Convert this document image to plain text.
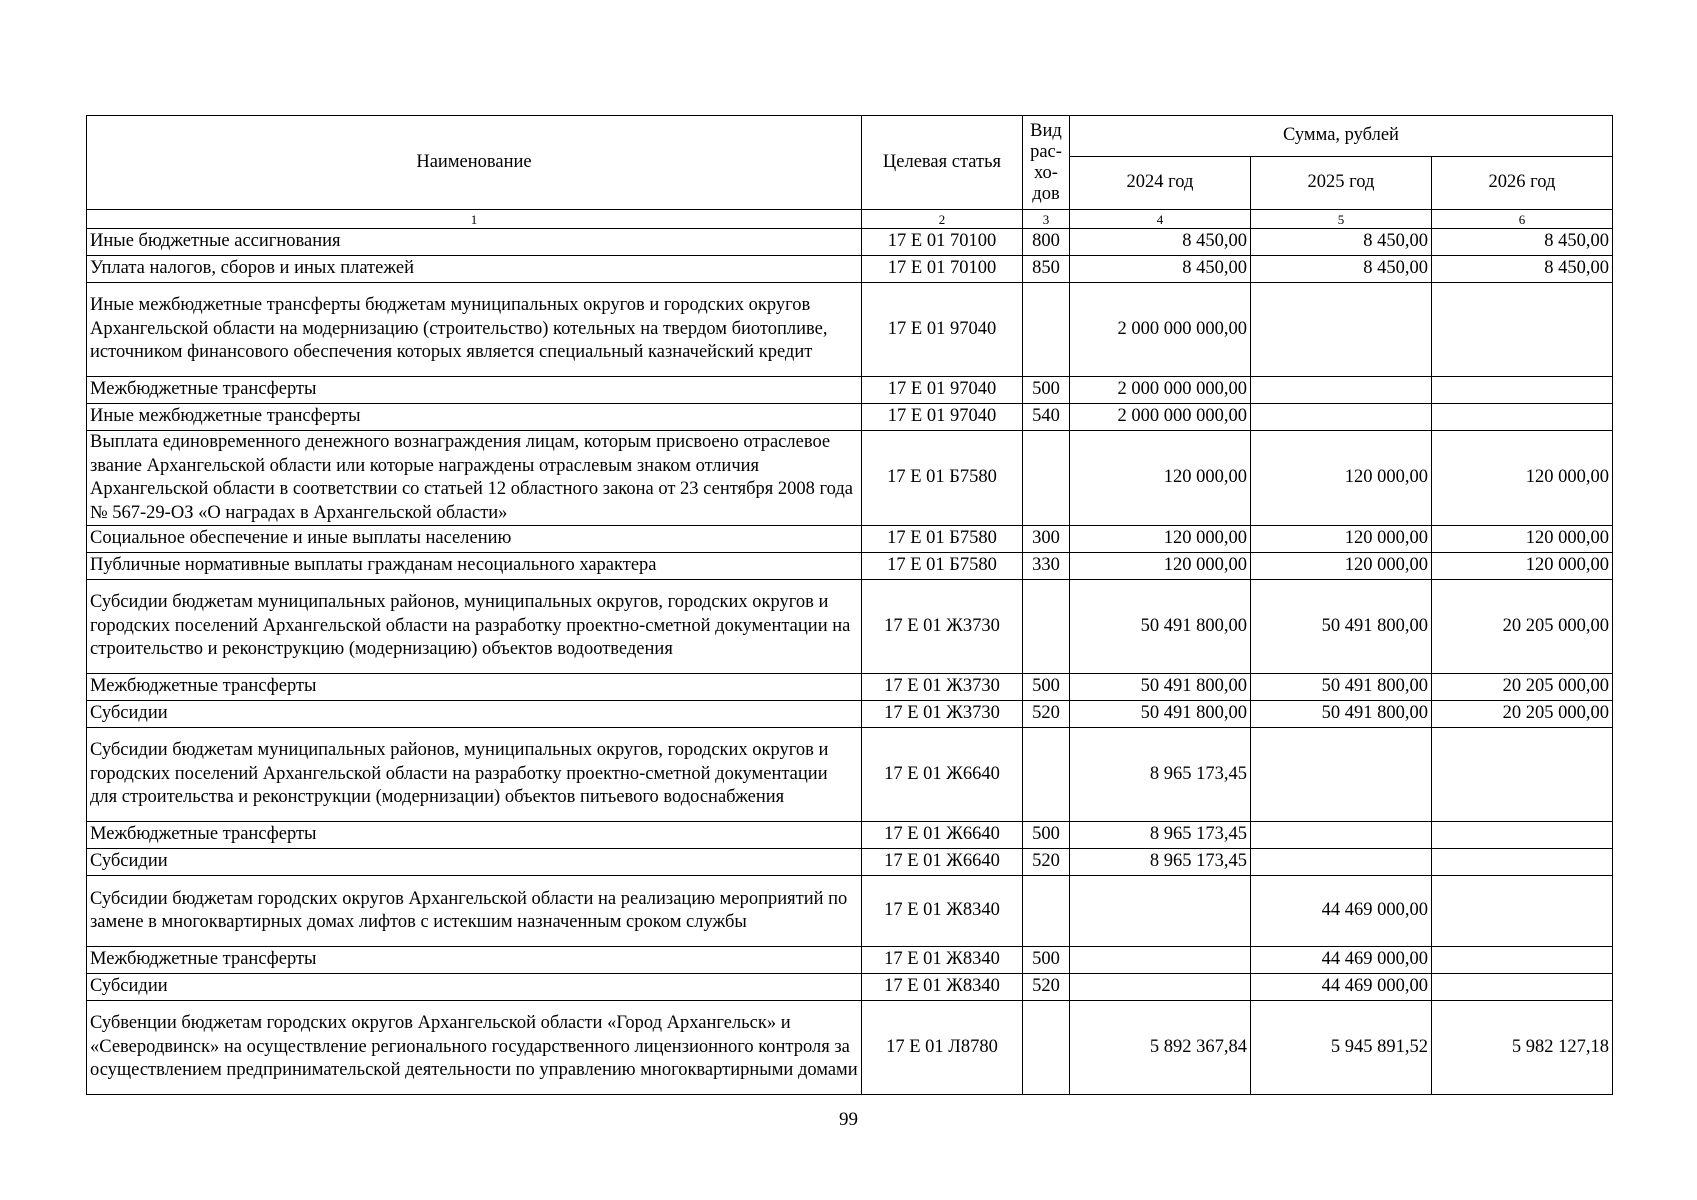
Наименование	Целевая статья	Вид рас- хо- дов	Сумма, рублей		
			2024 год	2025 год	2026 год
1	2	3	4	5	6
Иные бюджетные ассигнования	17 Е 01 70100	800	8 450,00	8 450,00	8 450,00
Уплата налогов, сборов и иных платежей	17 Е 01 70100	850	8 450,00	8 450,00	8 450,00
Иные межбюджетные трансферты бюджетам муниципальных округов и городских округов Архангельской области на модернизацию (строительство) котельных на твердом биотопливе, источником финансового обеспечения которых является специальный казначейский кредит	17 Е 01 97040		2 000 000 000,00		
Межбюджетные трансферты	17 Е 01 97040	500	2 000 000 000,00		
Иные межбюджетные трансферты	17 Е 01 97040	540	2 000 000 000,00		
Выплата единовременного денежного вознаграждения лицам, которым присвоено отраслевое звание Архангельской области или которые награждены отраслевым знаком отличия Архангельской области в соответствии со статьей 12 областного закона от 23 сентября 2008 года № 567-29-ОЗ «О наградах в Архангельской области»	17 Е 01 Б7580		120 000,00	120 000,00	120 000,00
Социальное обеспечение и иные выплаты населению	17 Е 01 Б7580	300	120 000,00	120 000,00	120 000,00
Публичные нормативные выплаты гражданам несоциального характера	17 Е 01 Б7580	330	120 000,00	120 000,00	120 000,00
Субсидии бюджетам муниципальных районов, муниципальных округов, городских округов и городских поселений Архангельской области на разработку проектно-сметной документации на строительство и реконструкцию (модернизацию) объектов водоотведения	17 Е 01 Ж3730		50 491 800,00	50 491 800,00	20 205 000,00
Межбюджетные трансферты	17 Е 01 Ж3730	500	50 491 800,00	50 491 800,00	20 205 000,00
Субсидии	17 Е 01 Ж3730	520	50 491 800,00	50 491 800,00	20 205 000,00
Субсидии бюджетам муниципальных районов, муниципальных округов, городских округов и городских поселений Архангельской области на разработку проектно-сметной документации для строительства и реконструкции (модернизации) объектов питьевого водоснабжения	17 Е 01 Ж6640		8 965 173,45		
Межбюджетные трансферты	17 Е 01 Ж6640	500	8 965 173,45		
Субсидии	17 Е 01 Ж6640	520	8 965 173,45		
Субсидии бюджетам городских округов Архангельской области на реализацию мероприятий по замене в многоквартирных домах лифтов с истекшим назначенным сроком службы	17 Е 01 Ж8340			44 469 000,00	
Межбюджетные трансферты	17 Е 01 Ж8340	500		44 469 000,00	
Субсидии	17 Е 01 Ж8340	520		44 469 000,00	
Субвенции бюджетам городских округов Архангельской области «Город Архангельск» и «Северодвинск» на осуществление регионального государственного лицензионного контроля за осуществлением предпринимательской деятельности по управлению многоквартирными домами	17 Е 01 Л8780		5 892 367,84	5 945 891,52	5 982 127,18
99
